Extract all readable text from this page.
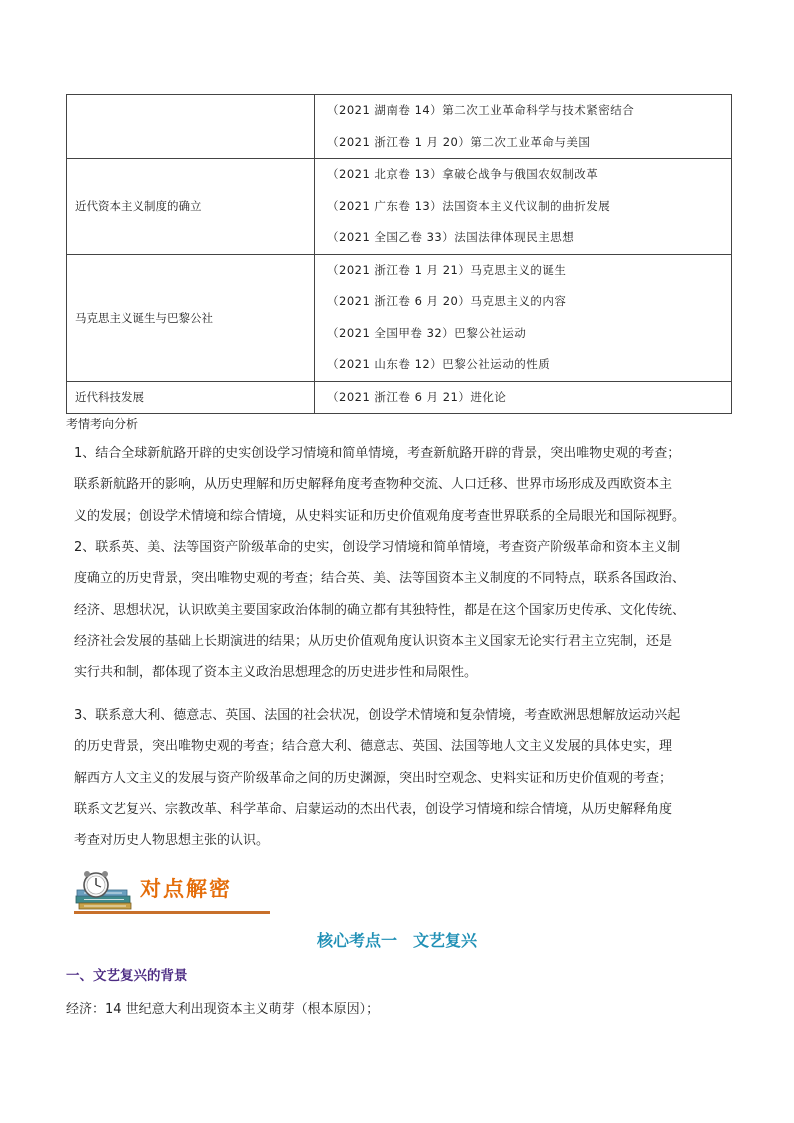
	（2021 湖南卷 14）第二次工业革命科学与技术紧密结合
（2021 浙江卷 1 月 20）第二次工业革命与美国

近代资本主义制度的确立	（2021 北京卷 13）拿破仑战争与俄国农奴制改革
（2021 广东卷 13）法国资本主义代议制的曲折发展
（2021 全国乙卷 33）法国法律体现民主思想

马克思主义诞生与巴黎公社	（2021 浙江卷 1 月 21）马克思主义的诞生
（2021 浙江卷 6 月 20）马克思主义的内容
（2021 全国甲卷 32）巴黎公社运动
（2021 山东卷 12）巴黎公社运动的性质

近代科技发展	（2021 浙江卷 6 月 21）进化论
考情考向分析
1、结合全球新航路开辟的史实创设学习情境和简单情境，考查新航路开辟的背景，突出唯物史观的考查；
联系新航路开的影响，从历史理解和历史解释角度考查物种交流、人口迁移、世界市场形成及西欧资本主
义的发展；创设学术情境和综合情境，从史料实证和历史价值观角度考查世界联系的全局眼光和国际视野。
2、联系英、美、法等国资产阶级革命的史实，创设学习情境和简单情境，考查资产阶级革命和资本主义制
度确立的历史背景，突出唯物史观的考查；结合英、美、法等国资本主义制度的不同特点，联系各国政治、
经济、思想状况，认识欧美主要国家政治体制的确立都有其独特性，都是在这个国家历史传承、文化传统、
经济社会发展的基础上长期演进的结果；从历史价值观角度认识资本主义国家无论实行君主立宪制，还是
实行共和制，都体现了资本主义政治思想理念的历史进步性和局限性。
3、联系意大利、德意志、英国、法国的社会状况，创设学术情境和复杂情境，考查欧洲思想解放运动兴起
的历史背景，突出唯物史观的考查；结合意大利、德意志、英国、法国等地人文主义发展的具体史实，理
解西方人文主义的发展与资产阶级革命之间的历史渊源，突出时空观念、史料实证和历史价值观的考查；
联系文艺复兴、宗教改革、科学革命、启蒙运动的杰出代表，创设学习情境和综合情境，从历史解释角度
考查对历史人物思想主张的认识。
对点解密
核心考点一　文艺复兴
一、文艺复兴的背景
经济：14 世纪意大利出现资本主义萌芽（根本原因）；
